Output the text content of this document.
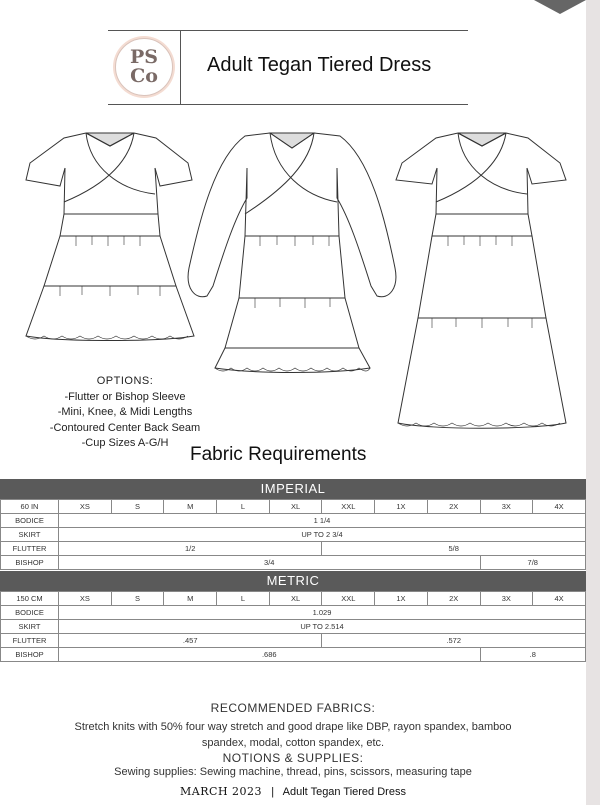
PS
Co Adult Tegan Tiered Dress
OPTIONS:
-Flutter or Bishop Sleeve
-Mini, Knee, & Midi Lengths
-Contoured Center Back Seam
-Cup Sizes A-G/H
Fabric Requirements
IMPERIAL
60 IN	XS	S	M	L	XL	XXL	1X	2X	3X	4X
BODICE	1 1/4									
SKIRT	UP TO 2 3/4									
FLUTTER	1/2					5/8				
BISHOP	3/4								7/8	
METRIC
150 CM	XS	S	M	L	XL	XXL	1X	2X	3X	4X
BODICE	1.029									
SKIRT	UP TO 2.514									
FLUTTER	.457					.572				
BISHOP	.686								.8	
RECOMMENDED FABRICS:
Stretch knits with 50% four way stretch and good drape like DBP, rayon spandex, bamboo
spandex, modal, cotton spandex, etc.
NOTIONS & SUPPLIES:
Sewing supplies: Sewing machine, thread, pins, scissors, measuring tape
MARCH 2023 | Adult Tegan Tiered Dress
